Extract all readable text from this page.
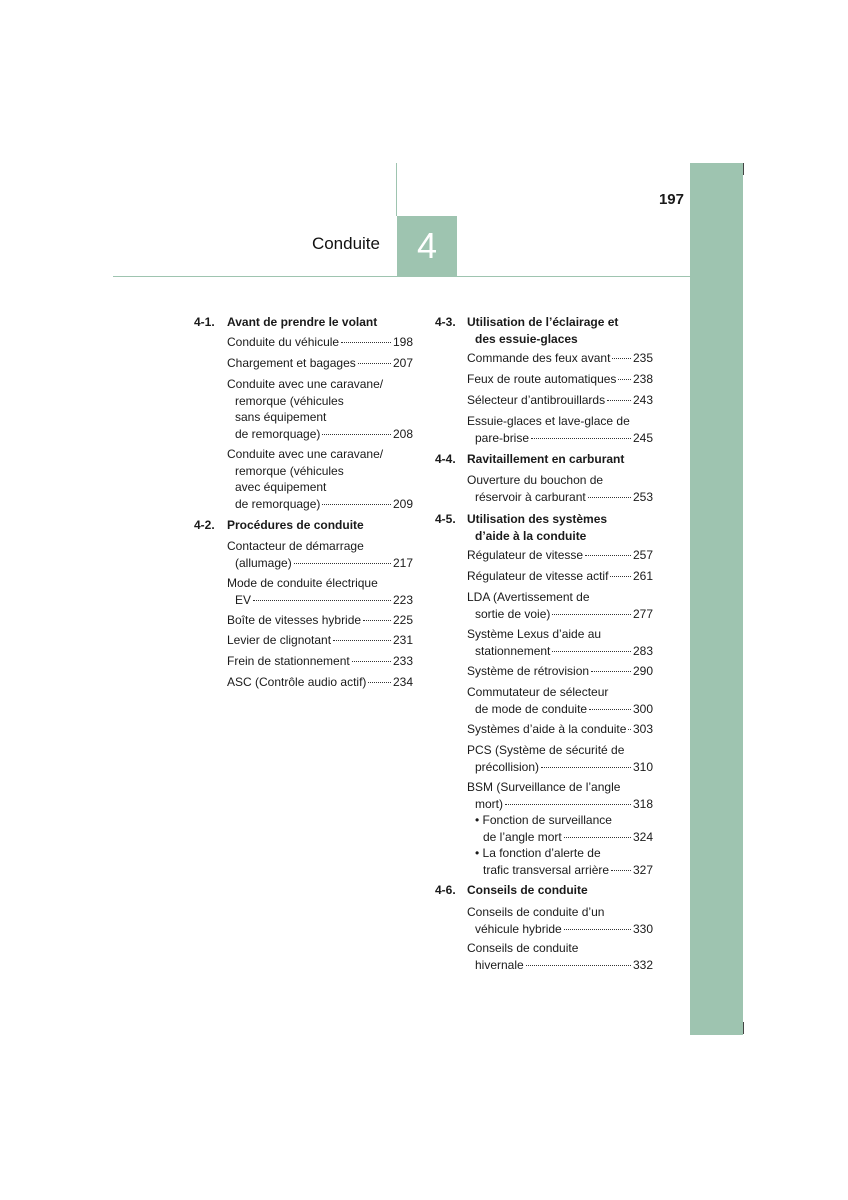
4
Conduite
197
4-1. Avant de prendre le volant
Conduite du véhicule	198
Chargement et bagages	207
Conduite avec une caravane/
remorque (véhicules
sans équipement
de remorquage)	208
Conduite avec une caravane/
remorque (véhicules
avec équipement
de remorquage)	209
4-2. Procédures de conduite
Contacteur de démarrage
(allumage)	217
Mode de conduite électrique
EV	223
Boîte de vitesses hybride	225
Levier de clignotant	231
Frein de stationnement	233
ASC (Contrôle audio actif) 234
4-3. Utilisation de l’éclairage et
des essuie-glaces
Commande des feux avant 235
Feux de route automatiques 238
Sélecteur d’antibrouillards 243
Essuie-glaces et lave-glace de
pare-brise	245
4-4. Ravitaillement en carburant
Ouverture du bouchon de
réservoir à carburant	253
4-5. Utilisation des systèmes
d’aide à la conduite
Régulateur de vitesse	257
Régulateur de vitesse actif 261
LDA (Avertissement de
sortie de voie)	277
Système Lexus d’aide au
stationnement	283
Système de rétrovision	290
Commutateur de sélecteur
de mode de conduite	300
Systèmes d’aide à la conduite 303
PCS (Système de sécurité de
précollision)	310
BSM (Surveillance de l’angle
mort)	318
• Fonction de surveillance
de l’angle mort	324
• La fonction d’alerte de
trafic transversal arrière 327
4-6. Conseils de conduite
Conseils de conduite d’un
véhicule hybride	330
Conseils de conduite
hivernale	332
